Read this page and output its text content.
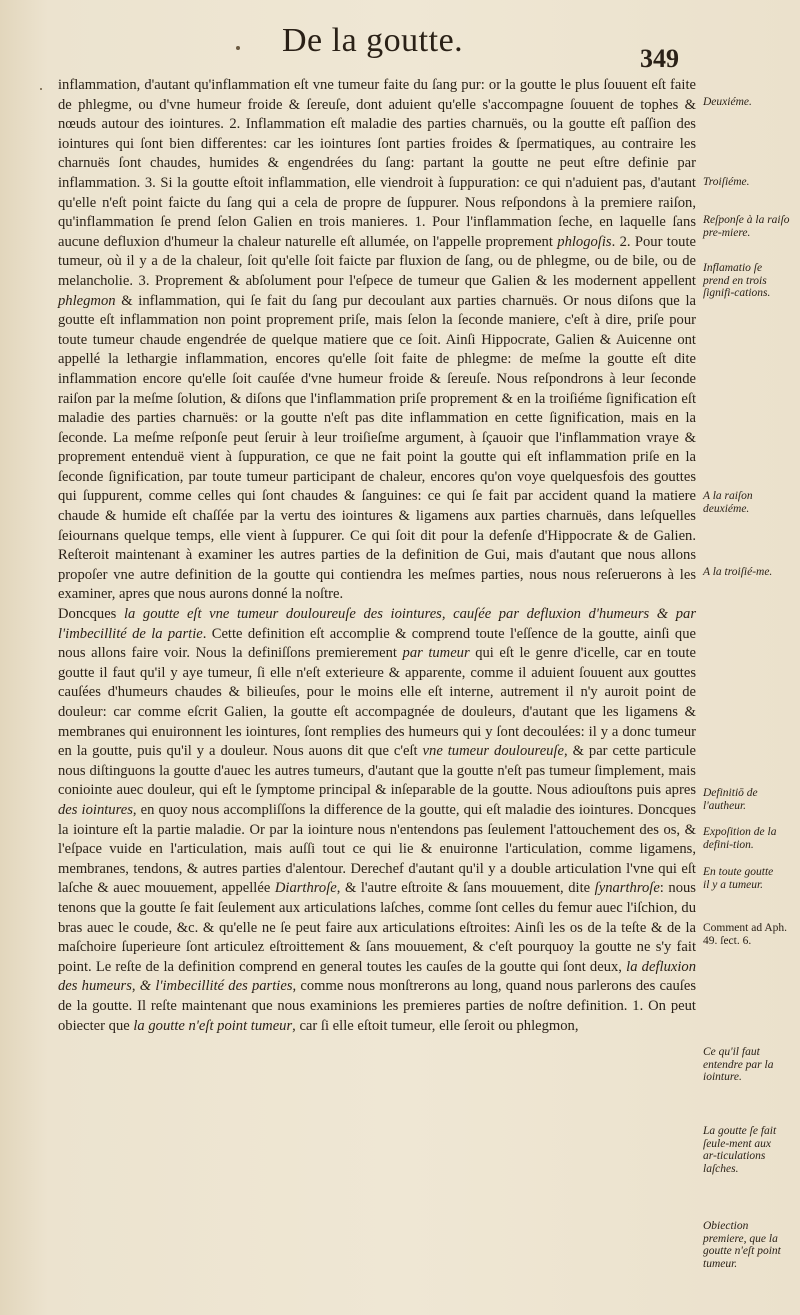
De la goutte.	349

inflammation, d'autant qu'inflammation eſt vne tumeur faite du ſang pur: or la goutte le plus ſouuent eſt faite de phlegme, ou d'vne humeur froide & ſereuſe, dont aduient qu'elle s'accompagne ſouuent de tophes & nœuds autour des iointures. 2. Inflammation eſt maladie des parties charnuës, ou la goutte eſt paſſion des iointures qui ſont bien differentes: car les iointures ſont parties froides & ſpermatiques, au contraire les charnuës ſont chaudes, humides & engendrées du ſang: partant la goutte ne peut eſtre definie par inflammation. 3. Si la goutte eſtoit inflammation, elle viendroit à ſuppuration: ce qui n'aduient pas, d'autant qu'elle n'eſt point faicte du ſang qui a cela de propre de ſuppurer. Nous reſpondons à la premiere raiſon, qu'inflammation ſe prend ſelon Galien en trois manieres. 1. Pour l'inflammation ſeche, en laquelle ſans aucune defluxion d'humeur la chaleur naturelle eſt allumée, on l'appelle proprement phlogoſis. 2. Pour toute tumeur, où il y a de la chaleur, ſoit qu'elle ſoit faicte par fluxion de ſang, ou de phlegme, ou de bile, ou de melancholie. 3. Proprement & abſolument pour l'eſpece de tumeur que Galien & les modernent appellent phlegmon & inflammation, qui ſe fait du ſang pur decoulant aux parties charnuës. Or nous diſons que la goutte eſt inflammation non point proprement priſe, mais ſelon la ſeconde maniere, c'eſt à dire, priſe pour toute tumeur chaude engendrée de quelque matiere que ce ſoit. Ainſi Hippocrate, Galien & Auicenne ont appellé la lethargie inflammation, encores qu'elle ſoit faite de phlegme: de meſme la goutte eſt dite inflammation encore qu'elle ſoit cauſée d'vne humeur froide & ſereuſe. Nous reſpondrons à leur ſeconde raiſon par la meſme ſolution, & diſons que l'inflammation priſe proprement & en la troiſiéme ſignification eſt maladie des parties charnuës: or la goutte n'eſt pas dite inflammation en cette ſignification, mais en la ſeconde. La meſme reſponſe peut ſeruir à leur troiſieſme argument, à ſçauoir que l'inflammation vraye & proprement entenduë vient à ſuppuration, ce que ne fait point la goutte qui eſt inflammation priſe en la ſeconde ſignification, par toute tumeur participant de chaleur, encores qu'on voye quelquesfois des gouttes qui ſuppurent, comme celles qui ſont chaudes & ſanguines: ce qui ſe fait par accident quand la matiere chaude & humide eſt chaſſée par la vertu des iointures & ligamens aux parties charnuës, dans leſquelles ſeiournans quelque temps, elle vient à ſuppurer. Ce qui ſoit dit pour la defenſe d'Hippocrate & de Galien. Reſteroit maintenant à examiner les autres parties de la definition de Gui, mais d'autant que nous allons propoſer vne autre definition de la goutte qui contiendra les meſmes parties, nous nous reſeruerons à les examiner, apres que nous aurons donné la noſtre.

Doncques la goutte eſt vne tumeur douloureuſe des iointures, cauſée par defluxion d'humeurs & par l'imbecillité de la partie. Cette definition eſt accomplie & comprend toute l'eſſence de la goutte, ainſi que nous allons faire voir. Nous la definiſſons premierement par tumeur qui eſt le genre d'icelle, car en toute goutte il faut qu'il y aye tumeur, ſi elle n'eſt exterieure & apparente, comme il aduient ſouuent aux gouttes cauſées d'humeurs chaudes & bilieuſes, pour le moins elle eſt interne, autrement il n'y auroit point de douleur: car comme eſcrit Galien, la goutte eſt accompagnée de douleurs, d'autant que les ligamens & membranes qui enuironnent les iointures, ſont remplies des humeurs qui y ſont decoulées: il y a donc tumeur en la goutte, puis qu'il y a douleur. Nous auons dit que c'eſt vne tumeur douloureuſe, & par cette particule nous diſtinguons la goutte d'auec les autres tumeurs, d'autant que la goutte n'eſt pas tumeur ſimplement, mais coniointe auec douleur, qui eſt le ſymptome principal & inſeparable de la goutte. Nous adiouſtons puis apres des iointures, en quoy nous accompliſſons la difference de la goutte, qui eſt maladie des iointures. Doncques la iointure eſt la partie maladie. Or par la iointure nous n'entendons pas ſeulement l'attouchement des os, & l'eſpace vuide en l'articulation, mais auſſi tout ce qui lie & enuironne l'articulation, comme ligamens, membranes, tendons, & autres parties d'alentour. Derechef d'autant qu'il y a double articulation l'vne qui eſt laſche & auec mouuement, appellée Diarthroſe, & l'autre eſtroite & ſans mouuement, dite ſynarthroſe: nous tenons que la goutte ſe fait ſeulement aux articulations laſches, comme ſont celles du femur auec l'iſchion, du bras auec le coude, &c. & qu'elle ne ſe peut faire aux articulations eſtroites: Ainſi les os de la teſte & de la maſchoire ſuperieure ſont articulez eſtroittement & ſans mouuement, & c'eſt pourquoy la goutte ne s'y fait point. Le reſte de la definition comprend en general toutes les cauſes de la goutte qui ſont deux, la defluxion des humeurs, & l'imbecillité des parties, comme nous monſtrerons au long, quand nous parlerons des cauſes de la goutte. Il reſte maintenant que nous examinions les premieres parties de noſtre definition. 1. On peut obiecter que la goutte n'eſt point tumeur, car ſi elle eſtoit tumeur, elle ſeroit ou phlegmon,

Deuxiéme.
Troiſiéme.
Reſponſe à la raiſo pre-miere.
Inflamatio ſe prend en trois ſignifi-cations.
A la raiſon deuxiéme.
A la troiſié-me.
Definitiō de l'autheur.
Expoſition de la defini-tion.
En toute goutte il y a tumeur.
Comment ad Aph. 49. ſect. 6.
Ce qu'il faut entendre par la iointure.
La goutte ſe fait ſeule-ment aux ar-ticulations laſches.
Obiection premiere, que la goutte n'eſt point tumeur.
